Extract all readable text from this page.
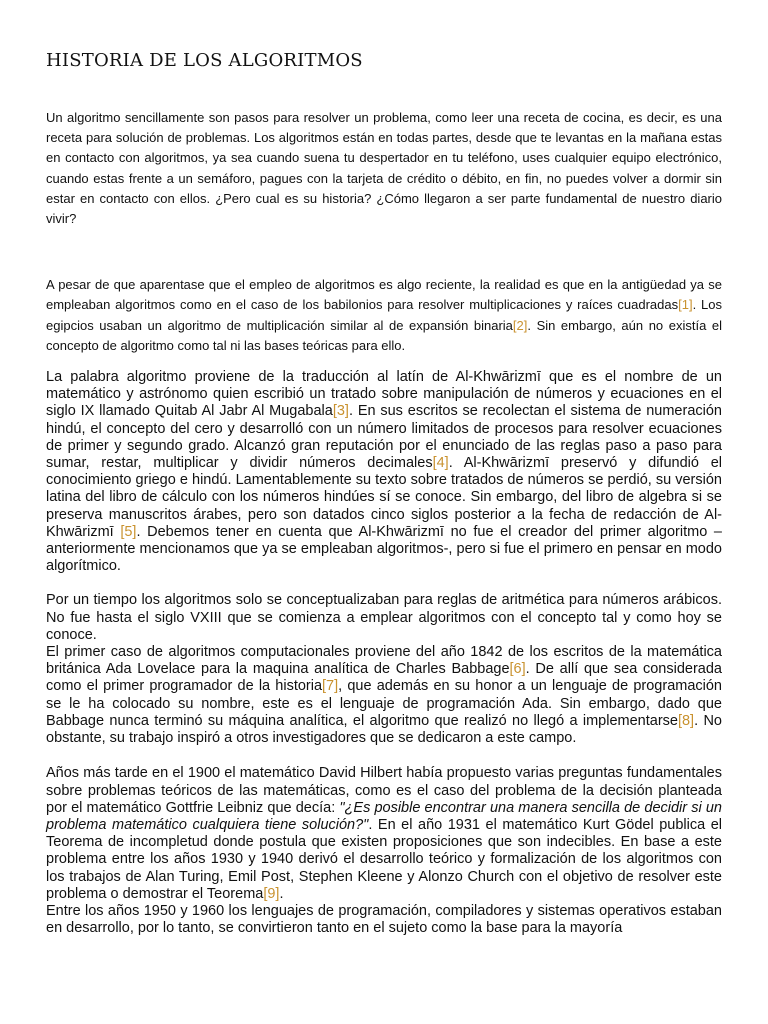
HISTORIA DE LOS ALGORITMOS

Un algoritmo sencillamente son pasos para resolver un problema, como leer una receta de cocina, es decir, es una receta para solución de problemas. Los algoritmos están en todas partes, desde que te levantas en la mañana estas en contacto con algoritmos, ya sea cuando suena tu despertador en tu teléfono, uses cualquier equipo electrónico, cuando estas frente a un semáforo, pagues con la tarjeta de crédito o débito, en fin, no puedes volver a dormir sin estar en contacto con ellos. ¿Pero cual es su historia? ¿Cómo llegaron a ser parte fundamental de nuestro diario vivir?

A pesar de que aparentase que el empleo de algoritmos es algo reciente, la realidad es que en la antigüedad ya se empleaban algoritmos como en el caso de los babilonios para resolver multiplicaciones y raíces cuadradas[1]. Los egipcios usaban un algoritmo de multiplicación similar al de expansión binaria[2]. Sin embargo, aún no existía el concepto de algoritmo como tal ni las bases teóricas para ello.

La palabra algoritmo proviene de la traducción al latín de Al-Khwārizmī que es el nombre de un matemático y astrónomo quien escribió un tratado sobre manipulación de números y ecuaciones en el siglo IX llamado Quitab Al Jabr Al Mugabala[3]. En sus escritos se recolectan el sistema de numeración hindú, el concepto del cero y desarrolló con un número limitados de procesos para resolver ecuaciones de primer y segundo grado. Alcanzó gran reputación por el enunciado de las reglas paso a paso para sumar, restar, multiplicar y dividir números decimales[4]. Al-Khwārizmī preservó y difundió el conocimiento griego e hindú. Lamentablemente su texto sobre tratados de números se perdió, su versión latina del libro de cálculo con los números hindúes sí se conoce. Sin embargo, del libro de algebra si se preserva manuscritos árabes, pero son datados cinco siglos posterior a la fecha de redacción de Al-Khwārizmī [5]. Debemos tener en cuenta que Al-Khwārizmī no fue el creador del primer algoritmo –anteriormente mencionamos que ya se empleaban algoritmos-, pero si fue el primero en pensar en modo algorítmico.

Por un tiempo los algoritmos solo se conceptualizaban para reglas de aritmética para números arábicos. No fue hasta el siglo VXIII que se comienza a emplear algoritmos con el concepto tal y como hoy se conoce.

El primer caso de algoritmos computacionales proviene del año 1842 de los escritos de la matemática británica Ada Lovelace para la maquina analítica de Charles Babbage[6]. De allí que sea considerada como el primer programador de la historia[7], que además en su honor a un lenguaje de programación se le ha colocado su nombre, este es el lenguaje de programación Ada. Sin embargo, dado que Babbage nunca terminó su máquina analítica, el algoritmo que realizó no llegó a implementarse[8]. No obstante, su trabajo inspiró a otros investigadores que se dedicaron a este campo.

Años más tarde en el 1900 el matemático David Hilbert había propuesto varias preguntas fundamentales sobre problemas teóricos de las matemáticas, como es el caso del problema de la decisión planteada por el matemático Gottfrie Leibniz que decía: "¿Es posible encontrar una manera sencilla de decidir si un problema matemático cualquiera tiene solución?". En el año 1931 el matemático Kurt Gödel publica el Teorema de incompletud donde postula que existen proposiciones que son indecibles. En base a este problema entre los años 1930 y 1940 derivó el desarrollo teórico y formalización de los algoritmos con los trabajos de Alan Turing, Emil Post, Stephen Kleene y Alonzo Church con el objetivo de resolver este problema o demostrar el Teorema[9].

Entre los años 1950 y 1960 los lenguajes de programación, compiladores y sistemas operativos estaban en desarrollo, por lo tanto, se convirtieron tanto en el sujeto como la base para la mayoría
